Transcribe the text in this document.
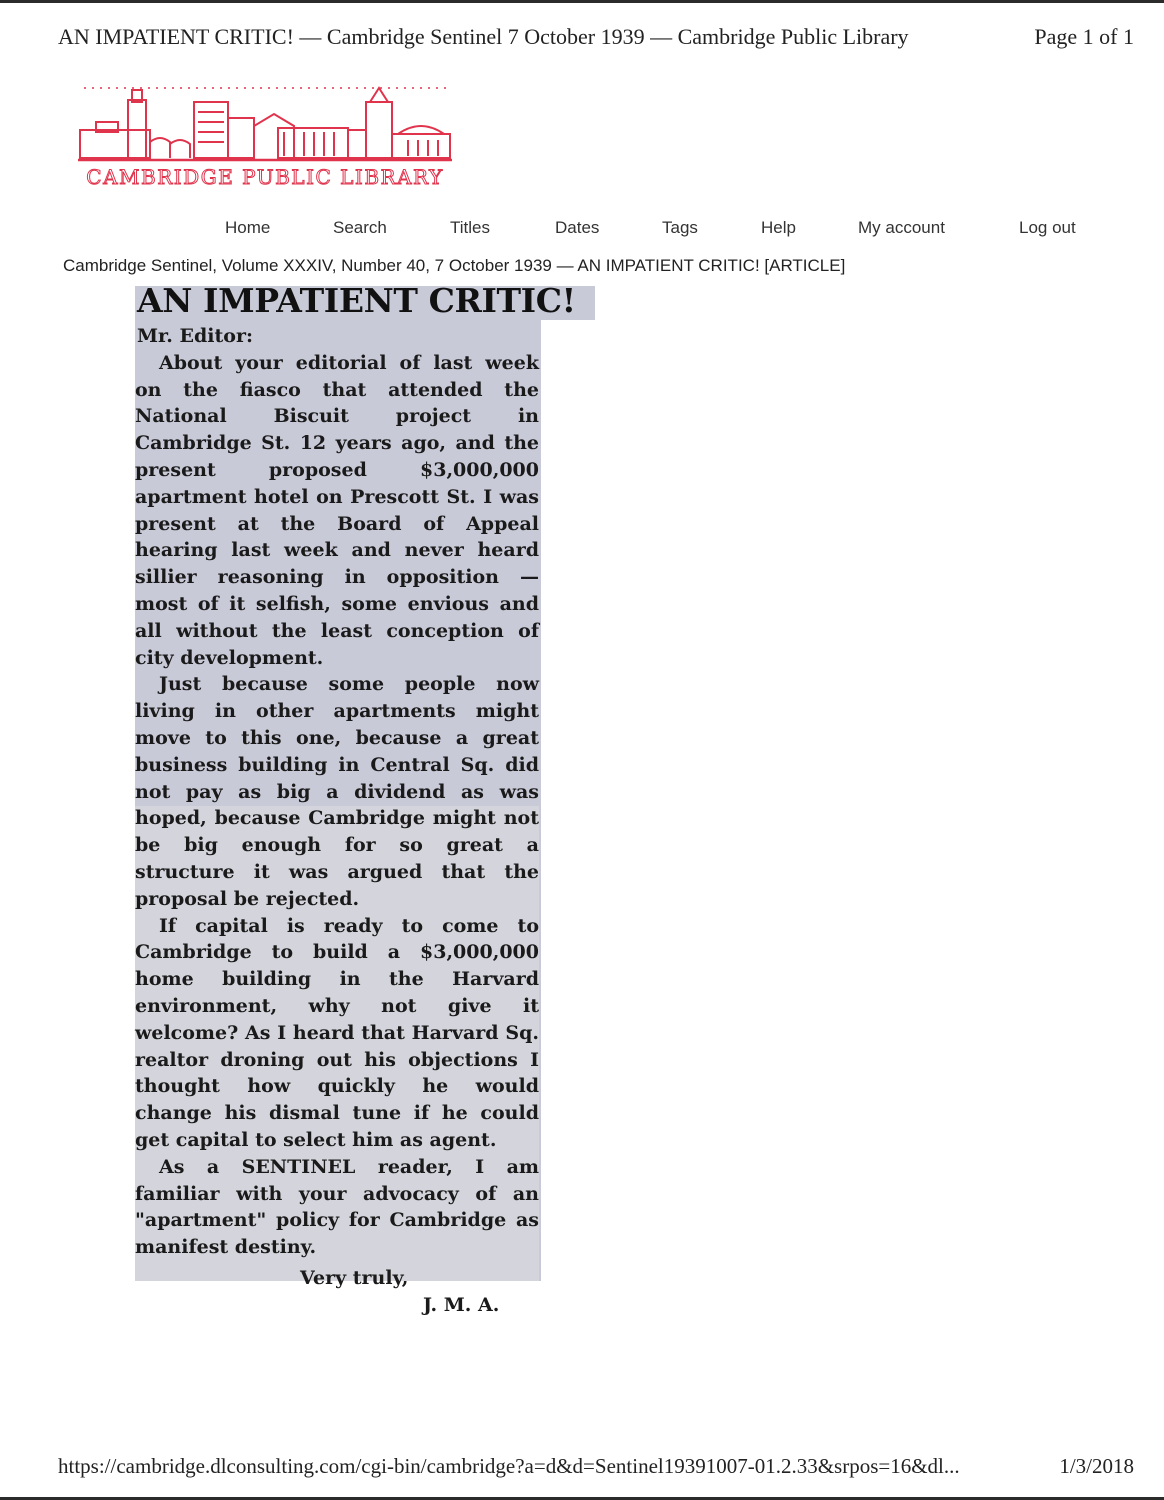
AN IMPATIENT CRITIC! — Cambridge Sentinel 7 October 1939 — Cambridge Public Library	Page 1 of 1
CAMBRIDGE PUBLIC LIBRARY
Home	Search	Titles	Dates	Tags	Help	My account	Log out
Cambridge Sentinel, Volume XXXIV, Number 40, 7 October 1939 — AN IMPATIENT CRITIC! [ARTICLE]
AN IMPATIENT CRITIC!

Mr. Editor:

About your editorial of last week on the fiasco that attended the National Biscuit project in Cambridge St. 12 years ago, and the present proposed $3,000,000 apartment hotel on Prescott St. I was present at the Board of Appeal hearing last week and never heard sillier reasoning in opposition — most of it selfish, some envious and all without the least conception of city development.

Just because some people now living in other apartments might move to this one, because a great business building in Central Sq. did not pay as big a dividend as was hoped, because Cambridge might not be big enough for so great a structure it was argued that the proposal be rejected.

If capital is ready to come to Cambridge to build a $3,000,000 home building in the Harvard environment, why not give it welcome? As I heard that Harvard Sq. realtor droning out his objections I thought how quickly he would change his dismal tune if he could get capital to select him as agent.

As a SENTINEL reader, I am familiar with your advocacy of an "apartment" policy for Cambridge as manifest destiny.

Very truly,

J. M. A.

https://cambridge.dlconsulting.com/cgi-bin/cambridge?a=d&d=Sentinel19391007-01.2.33&srpos=16&dl...	1/3/2018
